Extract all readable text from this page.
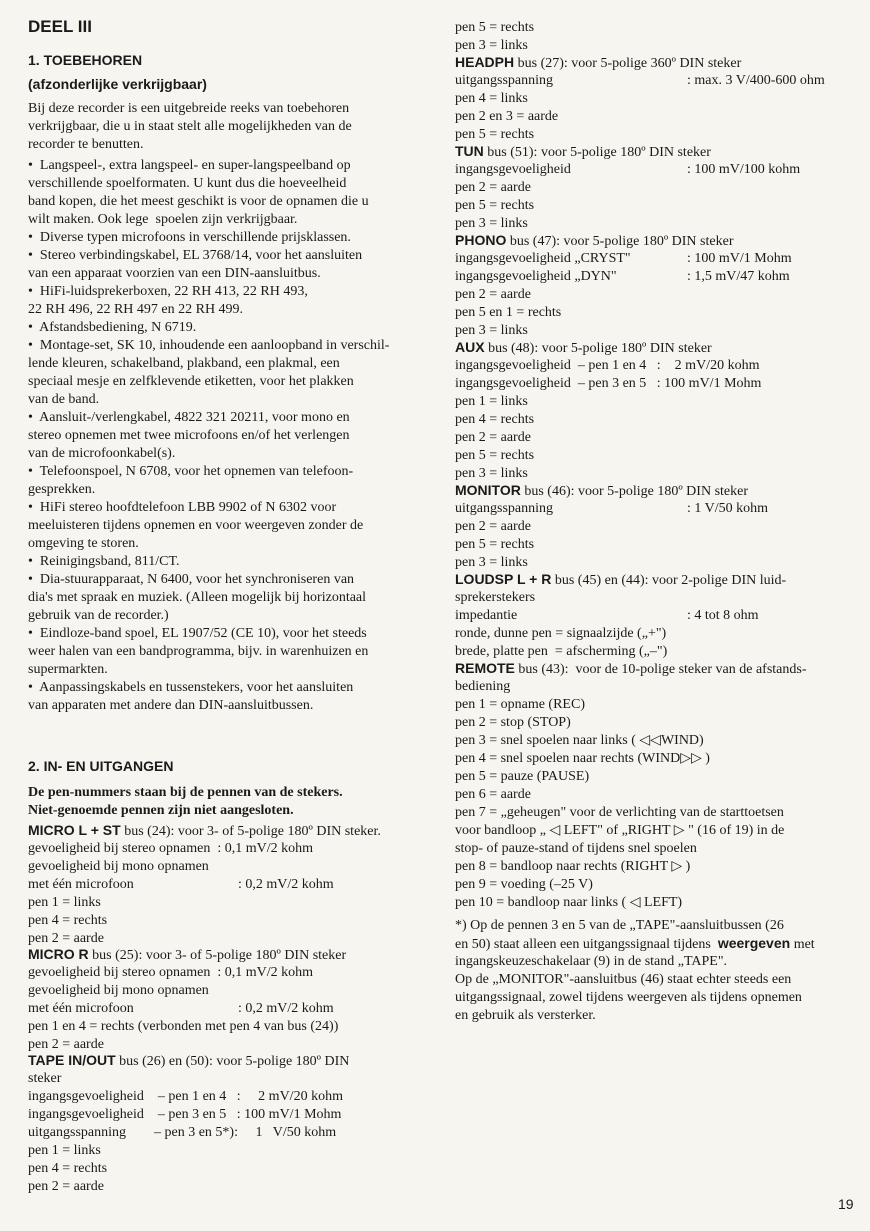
DEEL III
1. TOEBEHOREN
(afzonderlijke verkrijgbaar)
Bij deze recorder is een uitgebreide reeks van toebehoren
verkrijgbaar, die u in staat stelt alle mogelijkheden van de
recorder te benutten.
•  Langspeel-, extra langspeel- en super-langspeelband op
verschillende spoelformaten. U kunt dus die hoeveelheid
band kopen, die het meest geschikt is voor de opnamen die u
wilt maken. Ook lege  spoelen zijn verkrijgbaar.
•  Diverse typen microfoons in verschillende prijsklassen.
•  Stereo verbindingskabel, EL 3768/14, voor het aansluiten
van een apparaat voorzien van een DIN-aansluitbus.
•  HiFi-luidsprekerboxen, 22 RH 413, 22 RH 493,
22 RH 496, 22 RH 497 en 22 RH 499.
•  Afstandsbediening, N 6719.
•  Montage-set, SK 10, inhoudende een aanloopband in verschil-
lende kleuren, schakelband, plakband, een plakmal, een
speciaal mesje en zelfklevende etiketten, voor het plakken
van de band.
•  Aansluit-/verlengkabel, 4822 321 20211, voor mono en
stereo opnemen met twee microfoons en/of het verlengen
van de microfoonkabel(s).
•  Telefoonspoel, N 6708, voor het opnemen van telefoon-
gesprekken.
•  HiFi stereo hoofdtelefoon LBB 9902 of N 6302 voor
meeluisteren tijdens opnemen en voor weergeven zonder de
omgeving te storen.
•  Reinigingsband, 811/CT.
•  Dia-stuurapparaat, N 6400, voor het synchroniseren van
dia's met spraak en muziek. (Alleen mogelijk bij horizontaal
gebruik van de recorder.)
•  Eindloze-band spoel, EL 1907/52 (CE 10), voor het steeds
weer halen van een bandprogramma, bijv. in warenhuizen en
supermarkten.
•  Aanpassingskabels en tussenstekers, voor het aansluiten
van apparaten met andere dan DIN-aansluitbussen.
2. IN- EN UITGANGEN
De pen-nummers staan bij de pennen van de stekers.
Niet-genoemde pennen zijn niet aangesloten.
MICRO L + ST bus (24): voor 3- of 5-polige 180º DIN steker.
gevoeligheid bij stereo opnamen  : 0,1 mV/2 kohm
gevoeligheid bij mono opnamen
met één microfoon	: 0,2 mV/2 kohm
pen 1 = links
pen 4 = rechts
pen 2 = aarde
MICRO R bus (25): voor 3- of 5-polige 180º DIN steker
gevoeligheid bij stereo opnamen  : 0,1 mV/2 kohm
gevoeligheid bij mono opnamen
met één microfoon	: 0,2 mV/2 kohm
pen 1 en 4 = rechts (verbonden met pen 4 van bus (24))
pen 2 = aarde
TAPE IN/OUT bus (26) en (50): voor 5-polige 180º DIN
steker
ingangsgevoeligheid    – pen 1 en 4   :     2 mV/20 kohm
ingangsgevoeligheid    – pen 3 en 5   : 100 mV/1 Mohm
uitgangsspanning        – pen 3 en 5*):     1   V/50 kohm
pen 1 = links
pen 4 = rechts
pen 2 = aarde
pen 5 = rechts
pen 3 = links
HEADPH bus (27): voor 5-polige 360º DIN steker
uitgangsspanning	: max. 3 V/400-600 ohm
pen 4 = links
pen 2 en 3 = aarde
pen 5 = rechts
TUN bus (51): voor 5-polige 180º DIN steker
ingangsgevoeligheid	: 100 mV/100 kohm
pen 2 = aarde
pen 5 = rechts
pen 3 = links
PHONO bus (47): voor 5-polige 180º DIN steker
ingangsgevoeligheid „CRYST"	: 100 mV/1 Mohm
ingangsgevoeligheid „DYN"	: 1,5 mV/47 kohm
pen 2 = aarde
pen 5 en 1 = rechts
pen 3 = links
AUX bus (48): voor 5-polige 180º DIN steker
ingangsgevoeligheid  – pen 1 en 4   :    2 mV/20 kohm
ingangsgevoeligheid  – pen 3 en 5   : 100 mV/1 Mohm
pen 1 = links
pen 4 = rechts
pen 2 = aarde
pen 5 = rechts
pen 3 = links
MONITOR bus (46): voor 5-polige 180º DIN steker
uitgangsspanning	: 1 V/50 kohm
pen 2 = aarde
pen 5 = rechts
pen 3 = links
LOUDSP L + R bus (45) en (44): voor 2-polige DIN luid-
sprekerstekers
impedantie	: 4 tot 8 ohm
ronde, dunne pen = signaalzijde („+")
brede, platte pen  = afscherming („–")
REMOTE bus (43):  voor de 10-polige steker van de afstands-
bediening
pen 1 = opname (REC)
pen 2 = stop (STOP)
pen 3 = snel spoelen naar links ( ◁◁WIND)
pen 4 = snel spoelen naar rechts (WIND▷▷ )
pen 5 = pauze (PAUSE)
pen 6 = aarde
pen 7 = „geheugen" voor de verlichting van de starttoetsen
voor bandloop „ ◁ LEFT" of „RIGHT ▷ " (16 of 19) in de
stop- of pauze-stand of tijdens snel spoelen
pen 8 = bandloop naar rechts (RIGHT ▷ )
pen 9 = voeding (–25 V)
pen 10 = bandloop naar links ( ◁ LEFT)
*) Op de pennen 3 en 5 van de „TAPE"-aansluitbussen (26
en 50) staat alleen een uitgangssignaal tijdens  weergeven met
ingangskeuzeschakelaar (9) in de stand „TAPE".
Op de „MONITOR"-aansluitbus (46) staat echter steeds een
uitgangssignaal, zowel tijdens weergeven als tijdens opnemen
en gebruik als versterker.
19
